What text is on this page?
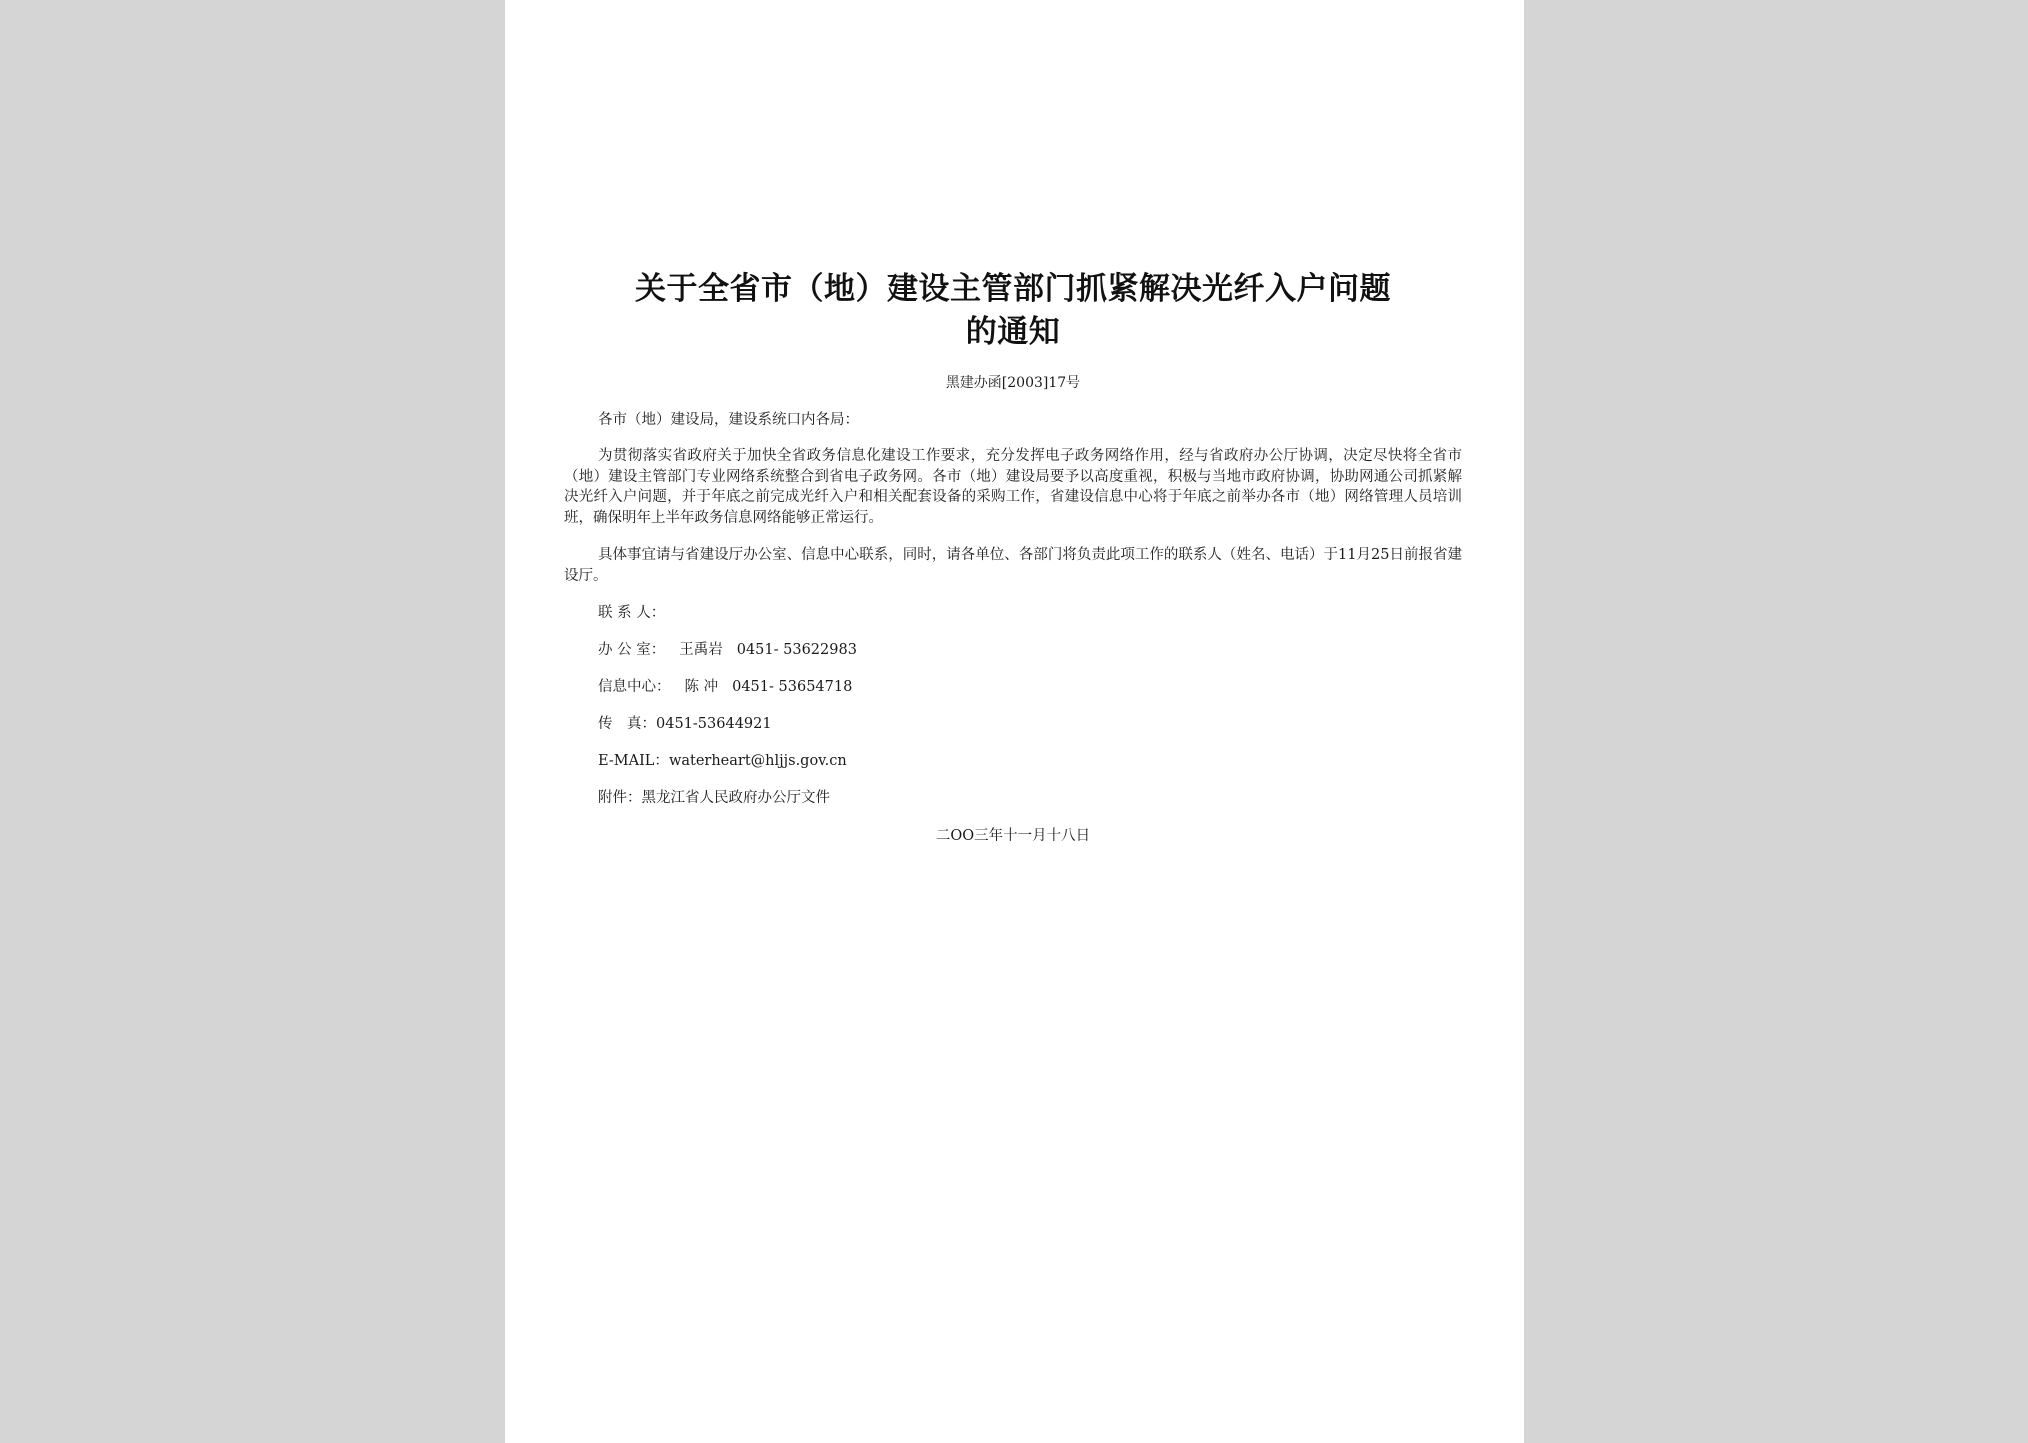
关于全省市（地）建设主管部门抓紧解决光纤入户问题
的通知
黑建办函[2003]17号
各市（地）建设局，建设系统口内各局：
为贯彻落实省政府关于加快全省政务信息化建设工作要求，充分发挥电子政务网络作用，经与省政府办公厅协调，决定尽快将全省市（地）建设主管部门专业网络系统整合到省电子政务网。各市（地）建设局要予以高度重视，积极与当地市政府协调，协助网通公司抓紧解决光纤入户问题，并于年底之前完成光纤入户和相关配套设备的采购工作，省建设信息中心将于年底之前举办各市（地）网络管理人员培训班，确保明年上半年政务信息网络能够正常运行。
具体事宜请与省建设厅办公室、信息中心联系，同时，请各单位、各部门将负责此项工作的联系人（姓名、电话）于11月25日前报省建设厅。
联 系 人：
办 公 室： 王禹岩 0451- 53622983
信息中心： 陈 冲 0451- 53654718
传　真：0451-53644921
E-MAIL：waterheart@hljjs.gov.cn
附件：黑龙江省人民政府办公厅文件
二OO三年十一月十八日
